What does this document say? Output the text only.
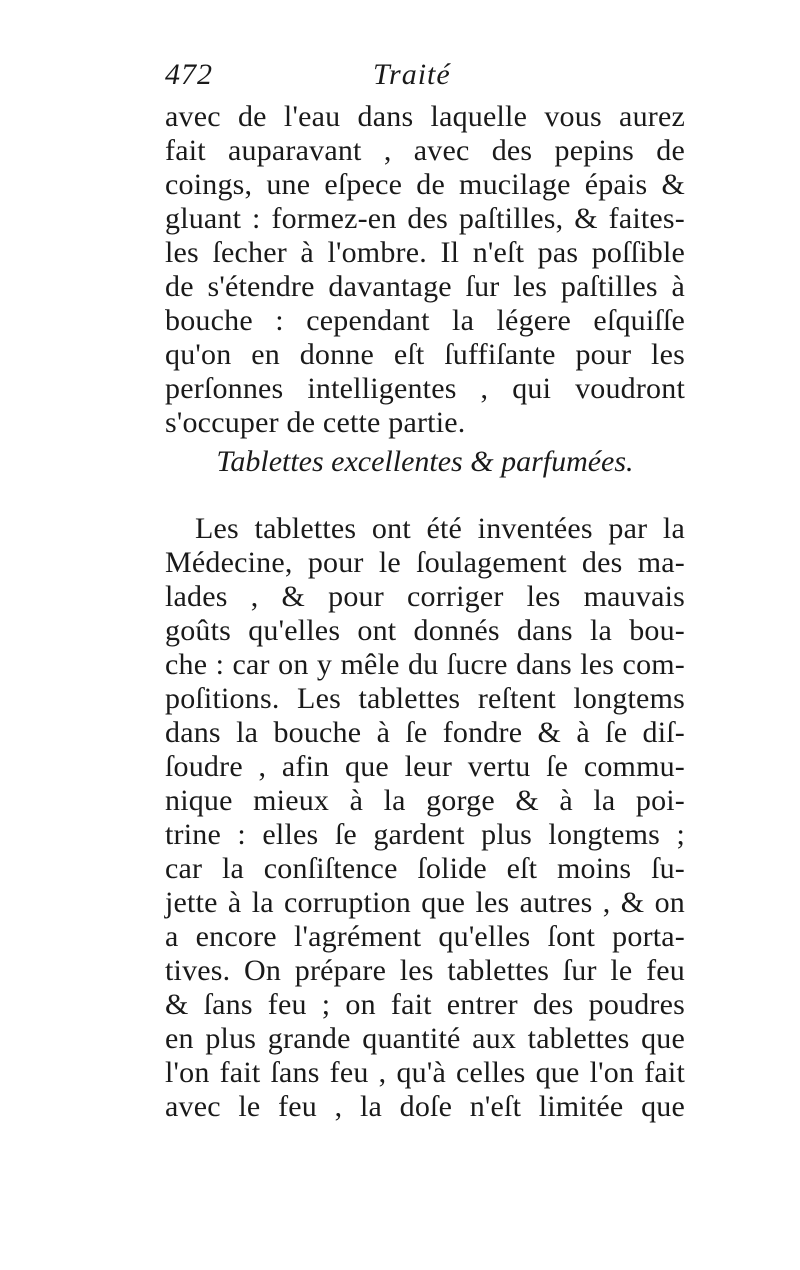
472	Traité
avec de l'eau dans laquelle vous aurez
fait auparavant , avec des pepins de
coings, une eſpece de mucilage épais &
gluant : formez-en des paſtilles, & faites-
les ſecher à l'ombre. Il n'eſt pas poſſible
de s'étendre davantage ſur les paſtilles à
bouche : cependant la légere eſquiſſe
qu'on en donne eſt ſuffiſante pour les
perſonnes intelligentes , qui voudront
s'occuper de cette partie.
Tablettes excellentes & parfumées.
Les tablettes ont été inventées par la
Médecine, pour le ſoulagement des ma-
lades , & pour corriger les mauvais
goûts qu'elles ont donnés dans la bou-
che : car on y mêle du ſucre dans les com-
poſitions. Les tablettes reſtent longtems
dans la bouche à ſe fondre & à ſe diſ-
ſoudre , afin que leur vertu ſe commu-
nique mieux à la gorge & à la poi-
trine : elles ſe gardent plus longtems ;
car la conſiſtence ſolide eſt moins ſu-
jette à la corruption que les autres , & on
a encore l'agrément qu'elles ſont porta-
tives. On prépare les tablettes ſur le feu
& ſans feu ; on fait entrer des poudres
en plus grande quantité aux tablettes que
l'on fait ſans feu , qu'à celles que l'on fait
avec le feu , la doſe n'eſt limitée que
